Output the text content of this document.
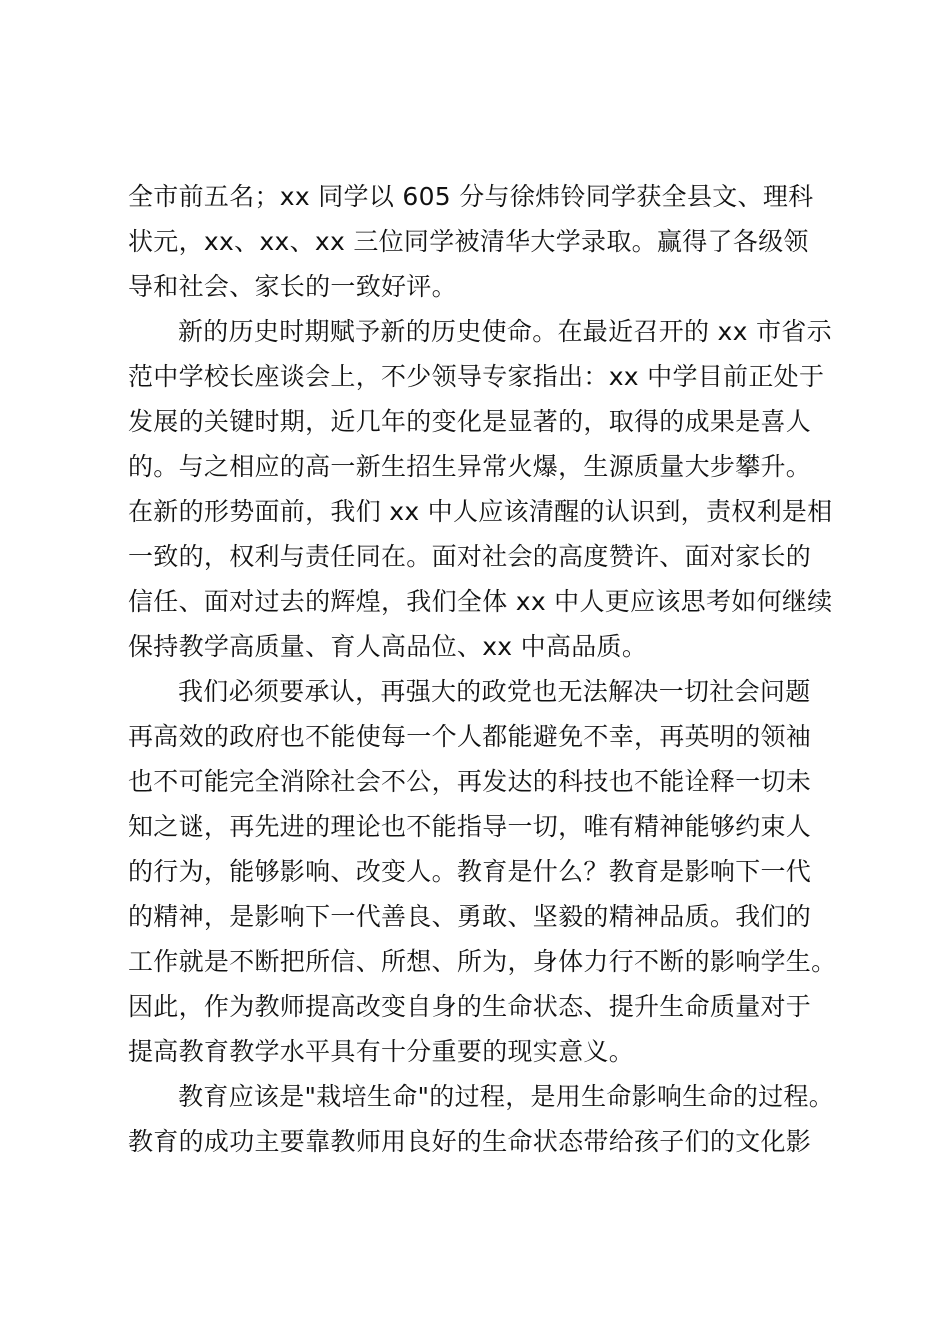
全市前五名；xx 同学以 605 分与徐炜铃同学获全县文、理科
状元，xx、xx、xx 三位同学被清华大学录取。赢得了各级领
导和社会、家长的一致好评。
新的历史时期赋予新的历史使命。在最近召开的 xx 市省示
范中学校长座谈会上，不少领导专家指出：xx 中学目前正处于
发展的关键时期，近几年的变化是显著的，取得的成果是喜人
的。与之相应的高一新生招生异常火爆，生源质量大步攀升。
在新的形势面前，我们 xx 中人应该清醒的认识到，责权利是相
一致的，权利与责任同在。面对社会的高度赞许、面对家长的
信任、面对过去的辉煌，我们全体 xx 中人更应该思考如何继续
保持教学高质量、育人高品位、xx 中高品质。
我们必须要承认，再强大的政党也无法解决一切社会问题
再高效的政府也不能使每一个人都能避免不幸，再英明的领袖
也不可能完全消除社会不公，再发达的科技也不能诠释一切未
知之谜，再先进的理论也不能指导一切，唯有精神能够约束人
的行为，能够影响、改变人。教育是什么？教育是影响下一代
的精神，是影响下一代善良、勇敢、坚毅的精神品质。我们的
工作就是不断把所信、所想、所为，身体力行不断的影响学生。
因此，作为教师提高改变自身的生命状态、提升生命质量对于
提高教育教学水平具有十分重要的现实意义。
教育应该是"栽培生命"的过程，是用生命影响生命的过程。
教育的成功主要靠教师用良好的生命状态带给孩子们的文化影
